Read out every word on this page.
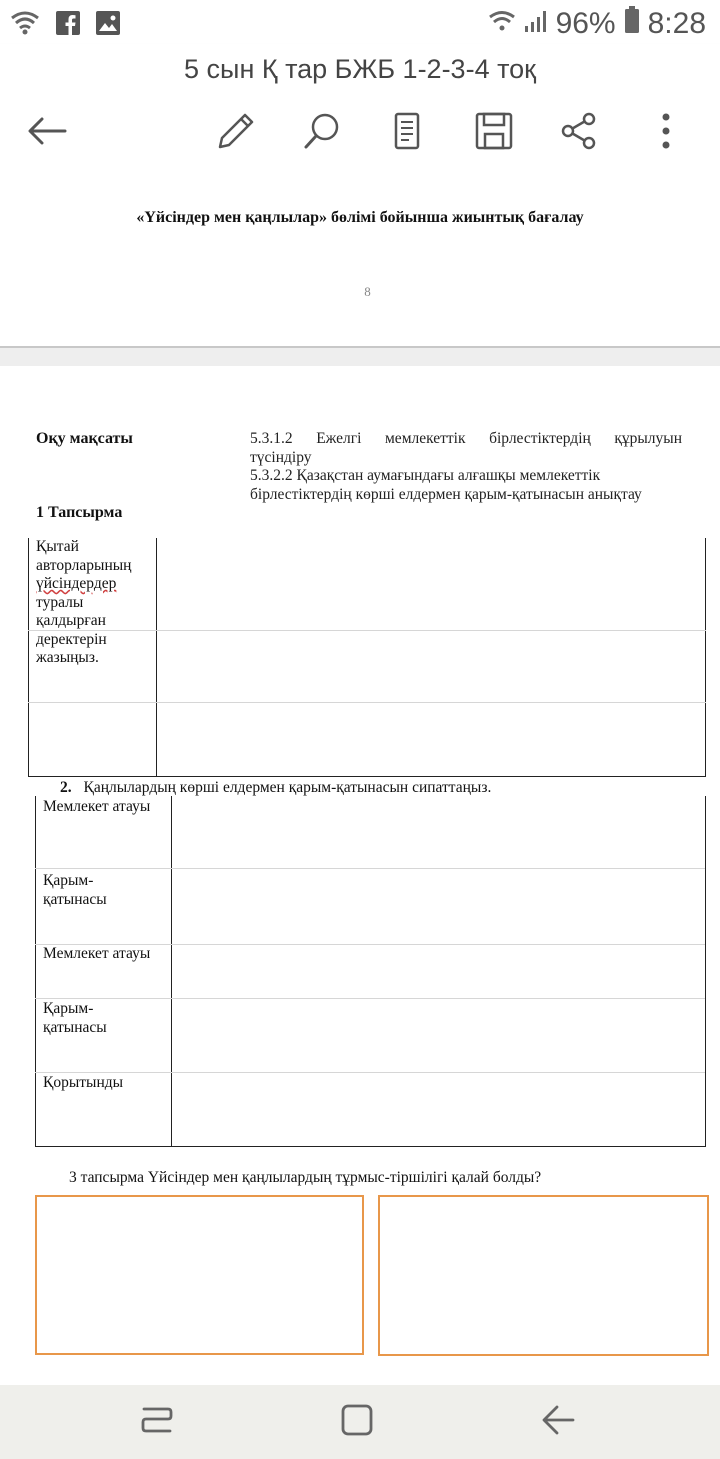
96% 8:28
5 сын Қ тар БЖБ 1-2-3-4 тоқ
«Үйсіндер мен қаңлылар» бөлімі бойынша жиынтық бағалау
8
Оқу мақсаты	5.3.1.2 Ежелгі мемлекеттік бірлестіктердің құрылуын
түсіндіру
5.3.2.2 Қазақстан аумағындағы алғашқы мемлекеттік
бірлестіктердің көрші елдермен қарым-қатынасын анықтау
1 Тапсырма
Қытай
авторларының
үйсіндердер
туралы
қалдырған
деректерін
жазыңыз.
2. Қаңлылардың көрші елдермен қарым-қатынасын сипаттаңыз.
Мемлекет атауы
Қарым-
қатынасы
Мемлекет атауы
Қарым-
қатынасы
Қорытынды
3 тапсырма Үйсіндер мен қаңлылардың тұрмыс-тіршілігі қалай болды?
